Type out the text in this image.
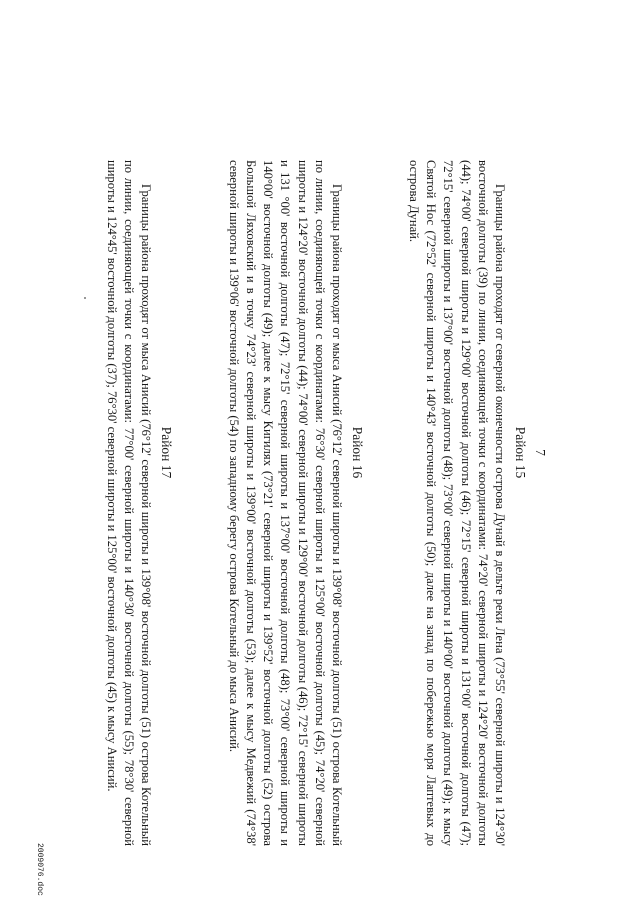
7
Район 15
Границы района проходят от северной оконечности острова Дунай в дельте реки Лена (73°55' северной широты и 124°30' восточной долготы (39) по линии, соединяющей точки с координатами: 74°20' северной широты и 124°20' восточной долготы (44); 74°00' северной широты и 129°00' восточной долготы (46); 72°15' северной широты и 131°00' восточной долготы (47); 72°15' северной широты и 137°00' восточной долготы (48); 73°00' северной широты и 140°00' восточной долготы (49); к мысу Святой Нос (72°52' северной широты и 140°43' восточной долготы (50); далее на запад по побережью моря Лаптевых до острова Дунай.
Район 16
Границы района проходят от мыса Анисий (76°12' северной широты и 139°08' восточной долготы (51) острова Котельный по линии, соединяющей точки с координатами: 76°30' северной широты и 125°00' восточной долготы (45); 74°20' северной широты и 124°20' восточной долготы (44); 74°00' северной широты и 129°00' восточной долготы (46); 72°15' северной широты и 131 °00' восточной долготы (47); 72°15' северной широты и 137°00' восточной долготы (48); 73°00' северной широты и 140°00' восточной долготы (49); далее к мысу Кигилях (73°21' северной широты и 139°52' восточной долготы (52) острова Большой Ляховский и в точку 74°23' северной широты и 139°00' восточной долготы (53); далее к мысу Медвежий (74°38' северной широты и 139°06' восточной долготы (54) по западному берегу острова Котельный до мыса Анисий.
Район 17
Границы района проходят от мыса Анисий (76°12' северной широты и 139°08' восточной долготы (51) острова Котельный по линии, соединяющей точки с координатами: 77°00' северной широты и 140°30' восточной долготы (55); 78°30' северной широты и 124°45' восточной долготы (37); 76°30' северной широты и 125°00' восточной долготы (45) к мысу Анисий.
2009076.doc
